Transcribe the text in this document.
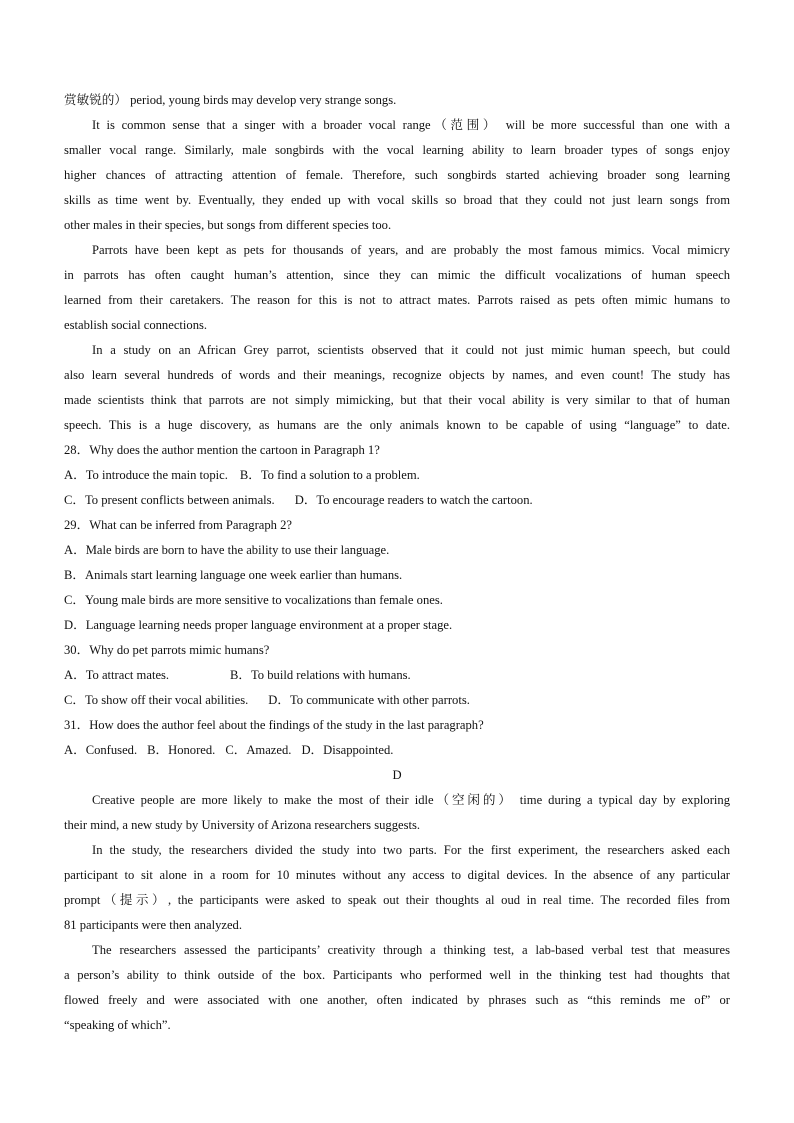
赏敏锐的） period, young birds may develop very strange songs.
It is common sense that a singer with a broader vocal range（范围） will be more successful than one with a
smaller vocal range. Similarly, male songbirds with the vocal learning ability to learn broader types of songs enjoy
higher chances of attracting attention of female. Therefore, such songbirds started achieving broader song learning
skills as time went by. Eventually, they ended up with vocal skills so broad that they could not just learn songs from
other males in their species, but songs from different species too.
Parrots have been kept as pets for thousands of years, and are probably the most famous mimics. Vocal mimicry
in parrots has often caught human’s attention, since they can mimic the difficult vocalizations of human speech
learned from their caretakers. The reason for this is not to attract mates. Parrots raised as pets often mimic humans to
establish social connections.
In a study on an African Grey parrot, scientists observed that it could not just mimic human speech, but could
also learn several hundreds of words and their meanings, recognize objects by names, and even count! The study has
made scientists think that parrots are not simply mimicking, but that their vocal ability is very similar to that of human
speech. This is a huge discovery, as humans are the only animals known to be capable of using “language” to date.
28．Why does the author mention the cartoon in Paragraph 1?
A．To introduce the main topic. B．To find a solution to a problem.
C．To present conflicts between animals. D．To encourage readers to watch the cartoon.
29．What can be inferred from Paragraph 2?
A．Male birds are born to have the ability to use their language.
B．Animals start learning language one week earlier than humans.
C．Young male birds are more sensitive to vocalizations than female ones.
D．Language learning needs proper language environment at a proper stage.
30．Why do pet parrots mimic humans?
A．To attract mates.	B．To build relations with humans.
C．To show off their vocal abilities. D．To communicate with other parrots.
31．How does the author feel about the findings of the study in the last paragraph?
A．Confused. B．Honored. C．Amazed. D．Disappointed.
D
Creative people are more likely to make the most of their idle（空闲的） time during a typical day by exploring
their mind, a new study by University of Arizona researchers suggests.
In the study, the researchers divided the study into two parts. For the first experiment, the researchers asked each
participant to sit alone in a room for 10 minutes without any access to digital devices. In the absence of any particular
prompt（提示）, the participants were asked to speak out their thoughts al oud in real time. The recorded files from
81 participants were then analyzed.
The researchers assessed the participants’ creativity through a thinking test, a lab-based verbal test that measures
a person’s ability to think outside of the box. Participants who performed well in the thinking test had thoughts that
flowed freely and were associated with one another, often indicated by phrases such as “this reminds me of” or
“speaking of which”.
